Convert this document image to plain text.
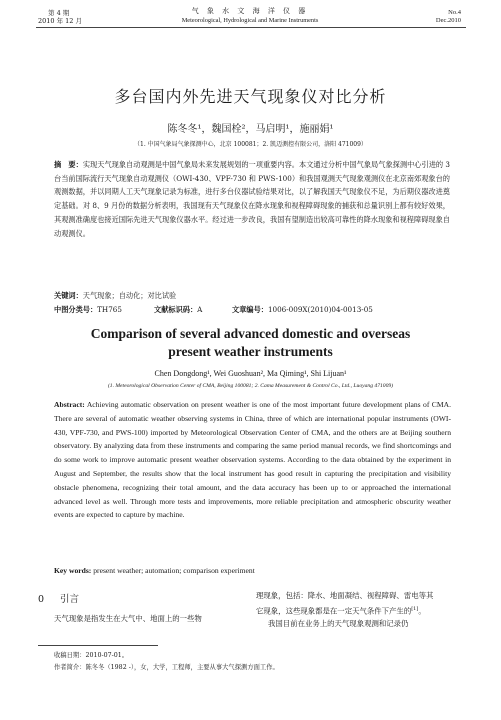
第 4 期
2010 年 12 月
气 象 水 文 海 洋 仪 器
Meteorological, Hydrological and Marine Instruments
No.4
Dec.2010
多台国内外先进天气现象仪对比分析
陈冬冬¹，魏国栓²，马启明¹，施丽娟¹
（1. 中国气象局气象探测中心，北京 100081；2. 凯迈测控有限公司，洛阳 471009）
摘　要：实现天气现象自动观测是中国气象局未来发展规划的一项重要内容。本文通过分析中国气象局气象探测中心引进的 3 台当前国际流行天气现象自动观测仪（OWI-430、VPF-730 和 PWS-100）和我国观测天气现象观测仪在北京南郊观象台的观测数据，并以同期人工天气现象记录为标准，进行多台仪器试验结果对比，以了解我国天气现象仪不足，为后期仪器改进奠定基础。对 8、9 月份的数据分析表明，我国现有天气现象仪在降水现象和视程障碍现象的捕获和总量识别上都有较好效果，其观测准确度也接近国际先进天气现象仪器水平。经过进一步改良，我国有望制造出较高可靠性的降水现象和视程障碍现象自动观测仪。
关键词：天气现象；自动化；对比试验
中图分类号：TH765	文献标识码：A	文章编号：1006-009X(2010)04-0013-05
Comparison of several advanced domestic and overseas
present weather instruments
Chen Dongdong¹, Wei Guoshuan², Ma Qiming¹, Shi Lijuan¹
(1. Meteorological Observation Center of CMA, Beijing 100081; 2. Cama Measurement & Control Co., Ltd., Luoyang 471009)
Abstract: Achieving automatic observation on present weather is one of the most important future development plans of CMA. There are several of automatic weather observing systems in China, three of which are international popular instruments (OWI-430, VPF-730, and PWS-100) imported by Meteorological Observation Center of CMA, and the others are at Beijing southern observatory. By analyzing data from these instruments and comparing the same period manual records, we find shortcomings and do some work to improve automatic present weather observation systems. According to the data obtained by the experiment in August and September, the results show that the local instrument has good result in capturing the precipitation and visibility obstacle phenomena, recognizing their total amount, and the data accuracy has been up to or approached the international advanced level as well. Through more tests and improvements, more reliable precipitation and atmospheric obscurity weather events are expected to capture by machine.
Key words: present weather; automation; comparison experiment
0 引言
天气现象是指发生在大气中、地面上的一些物

理现象，包括：降水、地面凝结、视程障碍、雷电等其

它现象，这些现象都是在一定天气条件下产生的[1]。

我国目前在业务上的天气现象观测和记录仍

收稿日期：2010-07-01。
作者简介：陈冬冬（1982 -），女，大学，工程师，主要从事大气探测方面工作。
